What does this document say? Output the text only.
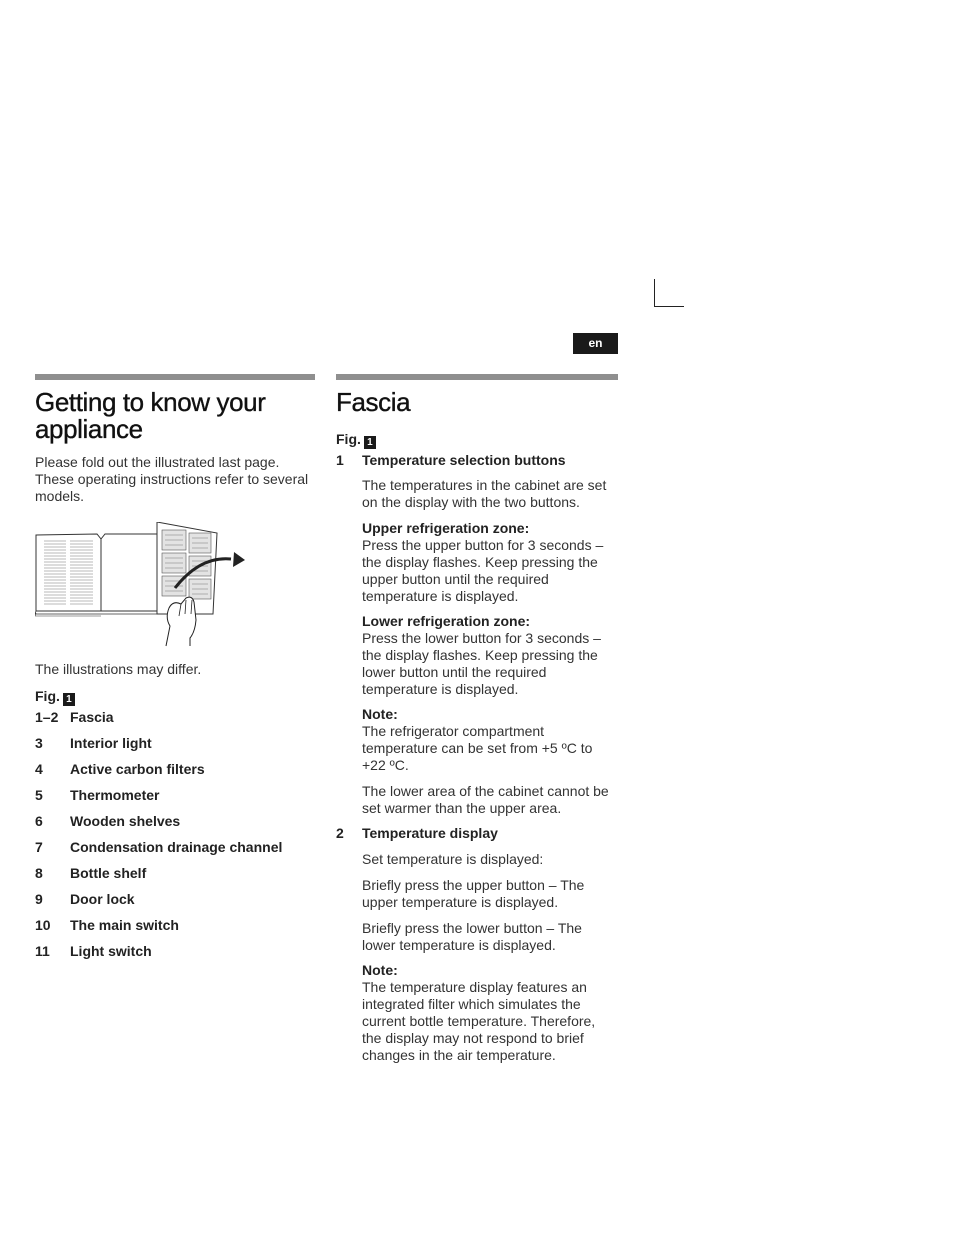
en
Getting to know your appliance

Please fold out the illustrated last page. These operating instructions refer to several models.

The illustrations may differ.

Fig. 1
1–2 Fascia
3 Interior light
4 Active carbon filters
5 Thermometer
6 Wooden shelves
7 Condensation drainage channel
8 Bottle shelf
9 Door lock
10 The main switch
11 Light switch
Fascia
Fig. 1
1 Temperature selection buttons

The temperatures in the cabinet are set on the display with the two buttons.

Upper refrigeration zone:

Press the upper button for 3 seconds – the display flashes. Keep pressing the upper button until the required temperature is displayed.

Lower refrigeration zone:

Press the lower button for 3 seconds – the display flashes. Keep pressing the lower button until the required temperature is displayed.

Note:

The refrigerator compartment temperature can be set from +5 ºC to +22 ºC.

The lower area of the cabinet cannot be set warmer than the upper area.

2 Temperature display

Set temperature is displayed:

Briefly press the upper button – The upper temperature is displayed.

Briefly press the lower button – The lower temperature is displayed.

Note:

The temperature display features an integrated filter which simulates the current bottle temperature. Therefore, the display may not respond to brief changes in the air temperature.
